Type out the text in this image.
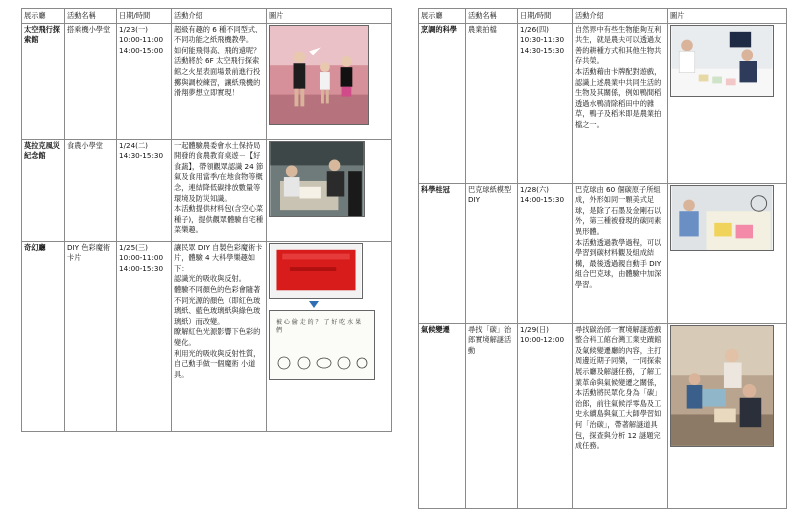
展示廳	活動名稱	日期/時間	活動介紹	圖片
太空飛行探索館	搭乘機小學堂	1/23(一)
10:00-11:00
14:00-15:00	超級有趣的 6 種不同型式、不同功能之紙飛機教學。
如何能飛得高、飛的遠呢？活動將於 6F 太空飛行探索館之火星表面場景前進行投擲與調校練習，讓紙飛機的滑翔夢想立即實現！	

莫拉克風災紀念館	食農小學堂	1/24(二)
14:30-15:30	一起體驗農委會水土保持局開發的食農教育桌遊－【好食蔬】，帶領觀眾認識 24 節氣及食用當季/在地食物等概念，連結降低碳排放數量等環境及防災知識。
本活動提供材料包(含空心菜種子)，提供觀眾體驗自宅種菜樂趣。	

奇幻廳	DIY 色彩魔術卡片	1/25(三)
10:00-11:00
14:00-15:30	讓民眾 DIY 自製色彩魔術卡片，體驗 4 大科學樂趣如下：
認識光的吸收與反射。
體驗不同顏色的色彩會隨著不同光源的顏色（即紅色玻璃紙、藍色玻璃紙與綠色玻璃紙）而改變。
瞭解紅色光源影響下色彩的變化。
利用光的吸收與反射性質，自己動手做一個魔術 小道具。	被 心 偷 走 的 ？ 了 好 吃 水 果 們
展示廳	活動名稱	日期/時間	活動介紹	圖片
烹調的科學	農業拍檔	1/26(四)
10:30-11:30
14:30-15:30	自然界中有些生物能夠互利共生，就是農夫可以透過友善的耕種方式和其他生物共存共榮。
本活動藉由卡牌配對遊戲，認識上述農業中共同生活的生物及其關係，例如鴨間稻透過水鴨清除稻田中的雜草，鴨子及稻米即是農業拍檔之一。	

科學桂冠	巴克球紙模型 DIY	1/28(六)
14:00-15:30	巴克球由 60 個碳原子所組成，外形如同一顆美式足球，是除了石墨及金剛石以外，第三種被發現的碳同素異形體。
本活動透過教學過程，可以學習到碳材料觀及組成結構，最後透過親自動手 DIY 組合巴克球，由體驗中加深學習。	

氣候變遷	尋找「碳」治郎實境解謎活動	1/29(日)
10:00-12:00	尋找碳治郎一實境解謎遊戲整合科工館台灣工業史蹟館及氣候變遷廳的內容，主打周邊近期子同樂，一同探索展示廳及解謎任務，了解工業革命與氣候變遷之關係，本活動將民眾化身為「碳」治郎，前往氣候浮零島及工史永續島與氣工大師學習如何「治碳」，帶著解謎道具包，探查與分析 12 謎題完成任務。	
